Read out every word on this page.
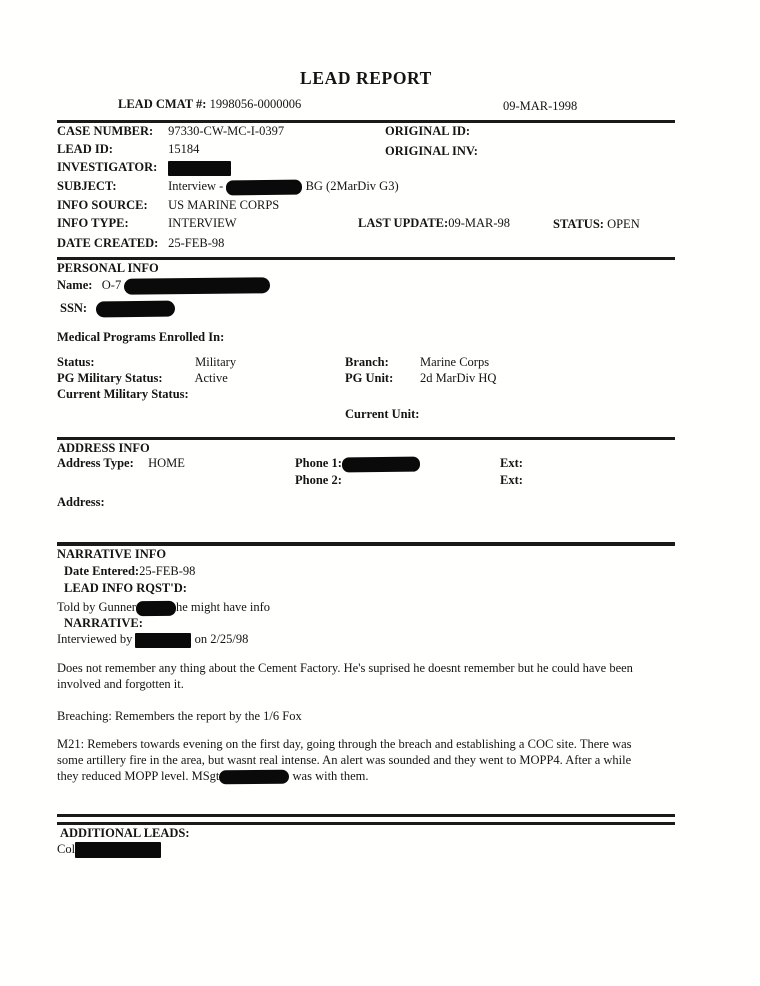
LEAD REPORT
LEAD CMAT #: 1998056-0000006	09-MAR-1998
CASE NUMBER: 97330-CW-MC-I-0397	ORIGINAL ID:
LEAD ID:	15184	ORIGINAL INV:
INVESTIGATOR:
SUBJECT:	Interview -	BG (2MarDiv G3)
INFO SOURCE: US MARINE CORPS
INFO TYPE:	INTERVIEW	LAST UPDATE:09-MAR-98	STATUS: OPEN
DATE CREATED: 25-FEB-98
PERSONAL INFO
Name: O-7
SSN:
Medical Programs Enrolled In:
Status:	Military	Branch:	Marine Corps
PG Military Status:	Active	PG Unit: 2d MarDiv HQ
Current Military Status:
Current Unit:
ADDRESS INFO
Address Type: HOME	Phone 1:	Ext:
Phone 2:	Ext:
Address:
NARRATIVE INFO
Date Entered:25-FEB-98
LEAD INFO RQST'D:
Told by Gunner	he might have info
NARRATIVE:
Interviewed by	on 2/25/98
Does not remember any thing about the Cement Factory. He's suprised he doesnt remember but he could have been involved and forgotten it.
Breaching: Remembers the report by the 1/6 Fox
M21: Remebers towards evening on the first day, going through the breach and establishing a COC site. There was some artillery fire in the area, but wasnt real intense. An alert was sounded and they went to MOPP4. After a while they reduced MOPP level. MSgt	was with them.
ADDITIONAL LEADS:
Col
